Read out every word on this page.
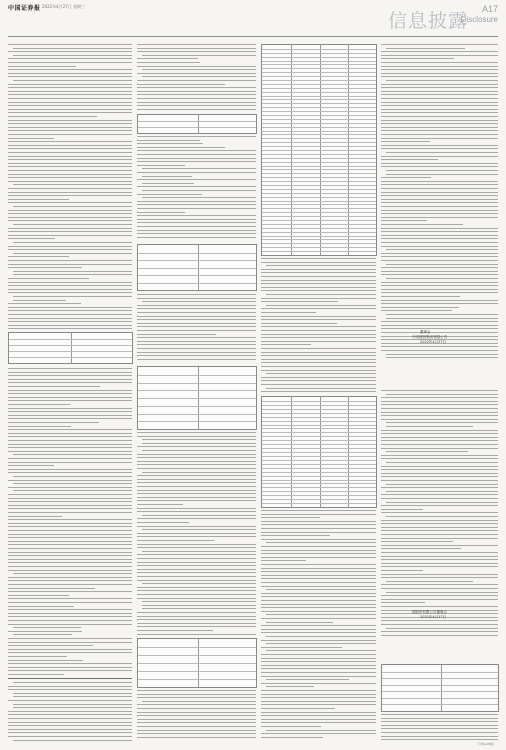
中国证券报 2022年4月27日 星期三
信息披露
A17
Disclosure
董事会
中国建投集团有限公司
2022年4月27日
德股份有限公司董事会
2022年4月27日
（下转A18版）
